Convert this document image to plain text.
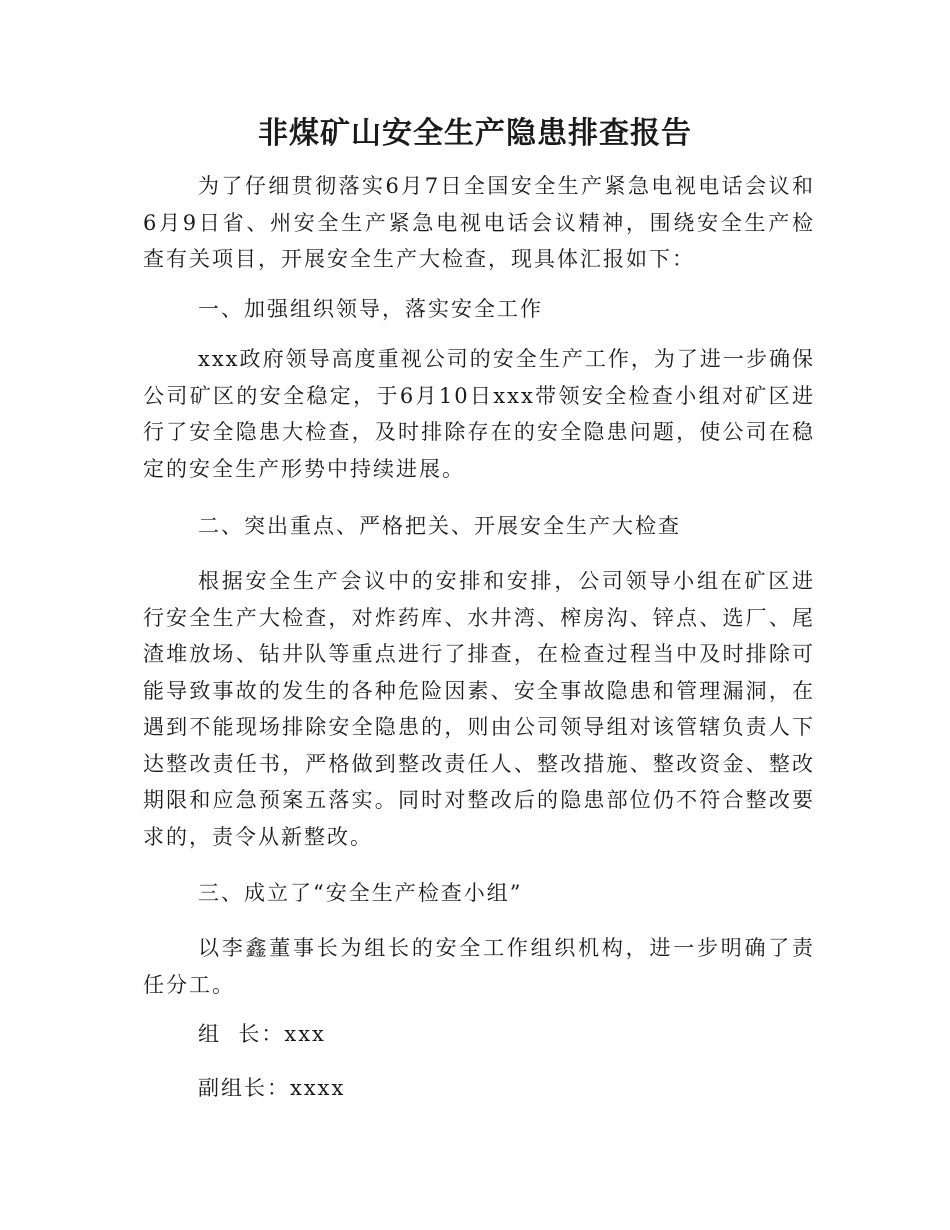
非煤矿山安全生产隐患排查报告

为了仔细贯彻落实6月7日全国安全生产紧急电视电话会议和6月9日省、州安全生产紧急电视电话会议精神，围绕安全生产检查有关项目，开展安全生产大检查，现具体汇报如下：

一、加强组织领导，落实安全工作

xxx政府领导高度重视公司的安全生产工作，为了进一步确保公司矿区的安全稳定，于6月10日xxx带领安全检查小组对矿区进行了安全隐患大检查，及时排除存在的安全隐患问题，使公司在稳定的安全生产形势中持续进展。

二、突出重点、严格把关、开展安全生产大检查

根据安全生产会议中的安排和安排，公司领导小组在矿区进行安全生产大检查，对炸药库、水井湾、榨房沟、锌点、选厂、尾渣堆放场、钻井队等重点进行了排查，在检查过程当中及时排除可能导致事故的发生的各种危险因素、安全事故隐患和管理漏洞，在遇到不能现场排除安全隐患的，则由公司领导组对该管辖负责人下达整改责任书，严格做到整改责任人、整改措施、整改资金、整改期限和应急预案五落实。同时对整改后的隐患部位仍不符合整改要求的，责令从新整改。

三、成立了“安全生产检查小组”

以李鑫董事长为组长的安全工作组织机构，进一步明确了责任分工。

组  长：xxx

副组长：xxxx
